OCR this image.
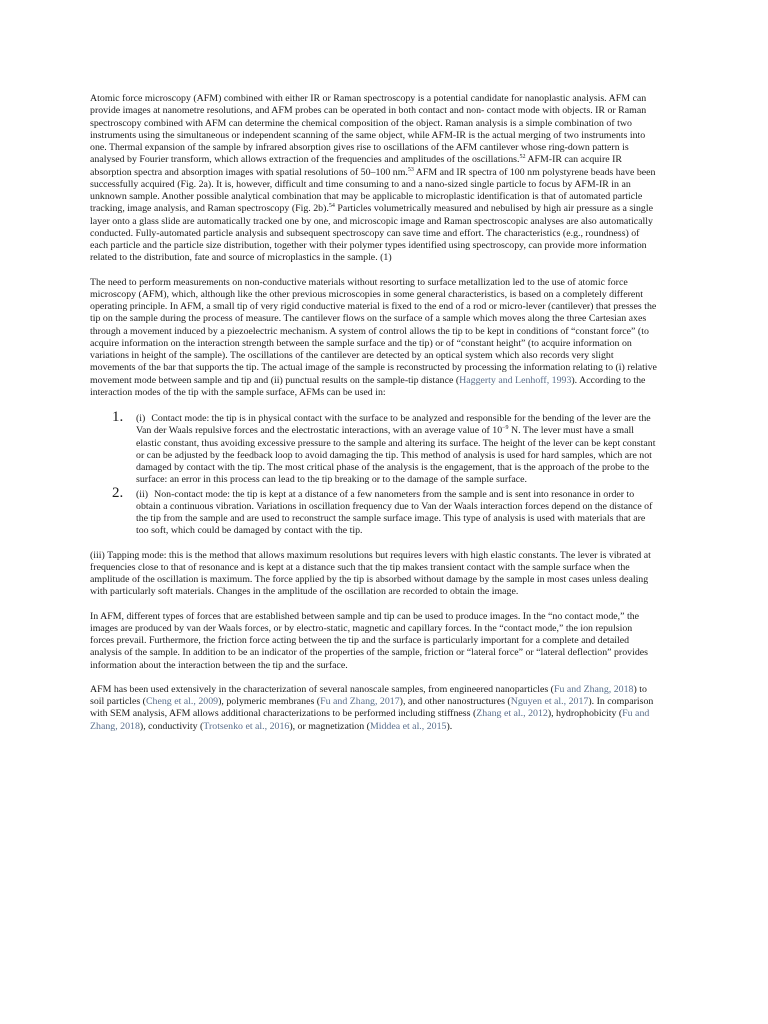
Atomic force microscopy (AFM) combined with either IR or Raman spectroscopy is a potential candidate for nanoplastic analysis. AFM can provide images at nanometre resolutions, and AFM probes can be operated in both contact and non- contact mode with objects. IR or Raman spectroscopy combined with AFM can determine the chemical composition of the object. Raman analysis is a simple combination of two instruments using the simultaneous or independent scanning of the same object, while AFM-IR is the actual merging of two instruments into one. Thermal expansion of the sample by infrared absorption gives rise to oscillations of the AFM cantilever whose ring-down pattern is analysed by Fourier transform, which allows extraction of the frequencies and amplitudes of the oscillations.$^{52}$ AFM-IR can acquire IR absorption spectra and absorption images with spatial resolutions of 50–100 nm.$^{53}$ AFM and IR spectra of 100 nm polystyrene beads have been successfully acquired (Fig. 2a). It is, however, difficult and time consuming to and a nano-sized single particle to focus by AFM-IR in an unknown sample. Another possible analytical combination that may be applicable to microplastic identification is that of automated particle tracking, image analysis, and Raman spectroscopy (Fig. 2b).$^{54}$ Particles volumetrically measured and nebulised by high air pressure as a single layer onto a glass slide are automatically tracked one by one, and microscopic image and Raman spectroscopic analyses are also automatically conducted. Fully-automated particle analysis and subsequent spectroscopy can save time and effort. The characteristics (e.g., roundness) of each particle and the particle size distribution, together with their polymer types identified using spectroscopy, can provide more information related to the distribution, fate and source of microplastics in the sample. (1)

The need to perform measurements on non-conductive materials without resorting to surface metallization led to the use of atomic force microscopy (AFM), which, although like the other previous microscopies in some general characteristics, is based on a completely different operating principle. In AFM, a small tip of very rigid conductive material is fixed to the end of a rod or micro-lever (cantilever) that presses the tip on the sample during the process of measure. The cantilever flows on the surface of a sample which moves along the three Cartesian axes through a movement induced by a piezoelectric mechanism. A system of control allows the tip to be kept in conditions of “constant force” (to acquire information on the interaction strength between the sample surface and the tip) or of “constant height” (to acquire information on variations in height of the sample). The oscillations of the cantilever are detected by an optical system which also records very slight movements of the bar that supports the tip. The actual image of the sample is reconstructed by processing the information relating to (i) relative movement mode between sample and tip and (ii) punctual results on the sample-tip distance (Haggerty and Lenhoff, 1993). According to the interaction modes of the tip with the sample surface, AFMs can be used in:

1. (i) Contact mode: the tip is in physical contact with the surface to be analyzed and responsible for the bending of the lever are the Van der Waals repulsive forces and the electrostatic interactions, with an average value of $10^{-9}$ N. The lever must have a small elastic constant, thus avoiding excessive pressure to the sample and altering its surface. The height of the lever can be kept constant or can be adjusted by the feedback loop to avoid damaging the tip. This method of analysis is used for hard samples, which are not damaged by contact with the tip. The most critical phase of the analysis is the engagement, that is the approach of the probe to the surface: an error in this process can lead to the tip breaking or to the damage of the sample surface.
2. (ii) Non-contact mode: the tip is kept at a distance of a few nanometers from the sample and is sent into resonance in order to obtain a continuous vibration. Variations in oscillation frequency due to Van der Waals interaction forces depend on the distance of the tip from the sample and are used to reconstruct the sample surface image. This type of analysis is used with materials that are too soft, which could be damaged by contact with the tip.

(iii) Tapping mode: this is the method that allows maximum resolutions but requires levers with high elastic constants. The lever is vibrated at frequencies close to that of resonance and is kept at a distance such that the tip makes transient contact with the sample surface when the amplitude of the oscillation is maximum. The force applied by the tip is absorbed without damage by the sample in most cases unless dealing with particularly soft materials. Changes in the amplitude of the oscillation are recorded to obtain the image.

In AFM, different types of forces that are established between sample and tip can be used to produce images. In the “no contact mode,” the images are produced by van der Waals forces, or by electro-static, magnetic and capillary forces. In the “contact mode,” the ion repulsion forces prevail. Furthermore, the friction force acting between the tip and the surface is particularly important for a complete and detailed analysis of the sample. In addition to be an indicator of the properties of the sample, friction or “lateral force” or “lateral deflection” provides information about the interaction between the tip and the surface.

AFM has been used extensively in the characterization of several nanoscale samples, from engineered nanoparticles (Fu and Zhang, 2018) to soil particles (Cheng et al., 2009), polymeric membranes (Fu and Zhang, 2017), and other nanostructures (Nguyen et al., 2017). In comparison with SEM analysis, AFM allows additional characterizations to be performed including stiffness (Zhang et al., 2012), hydrophobicity (Fu and Zhang, 2018), conductivity (Trotsenko et al., 2016), or magnetization (Middea et al., 2015).
